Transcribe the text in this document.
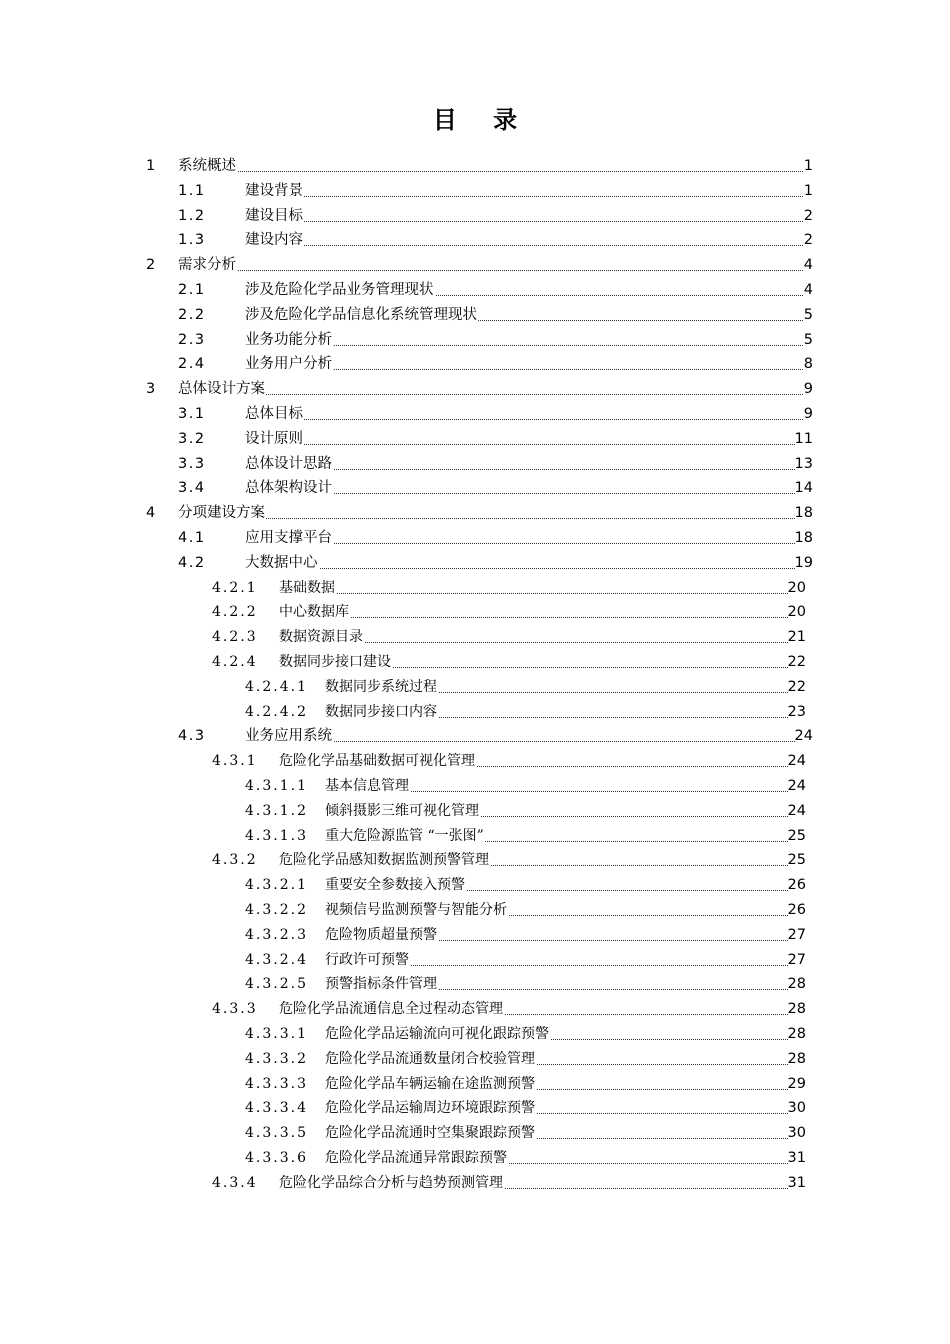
目 录
1 系统概述	1
1.1	建设背景	1
1.2	建设目标	2
1.3	建设内容	2
2 需求分析	4
2.1	涉及危险化学品业务管理现状	4
2.2	涉及危险化学品信息化系统管理现状	5
2.3	业务功能分析	5
2.4	业务用户分析	8
3 总体设计方案	9
3.1	总体目标	9
3.2	设计原则	11
3.3	总体设计思路	13
3.4	总体架构设计	14
4 分项建设方案	18
4.1	应用支撑平台	18
4.2	大数据中心	19
4.2.1 基础数据	20
4.2.2 中心数据库	20
4.2.3 数据资源目录	21
4.2.4 数据同步接口建设	22
4.2.4.1 数据同步系统过程	22
4.2.4.2 数据同步接口内容	23
4.3	业务应用系统	24
4.3.1 危险化学品基础数据可视化管理	24
4.3.1.1 基本信息管理	24
4.3.1.2 倾斜摄影三维可视化管理	24
4.3.1.3 重大危险源监管 “一张图”	25
4.3.2 危险化学品感知数据监测预警管理	25
4.3.2.1 重要安全参数接入预警	26
4.3.2.2 视频信号监测预警与智能分析	26
4.3.2.3 危险物质超量预警	27
4.3.2.4 行政许可预警	27
4.3.2.5 预警指标条件管理	28
4.3.3 危险化学品流通信息全过程动态管理	28
4.3.3.1 危险化学品运输流向可视化跟踪预警	28
4.3.3.2 危险化学品流通数量闭合校验管理	28
4.3.3.3 危险化学品车辆运输在途监测预警	29
4.3.3.4 危险化学品运输周边环境跟踪预警	30
4.3.3.5 危险化学品流通时空集聚跟踪预警	30
4.3.3.6 危险化学品流通异常跟踪预警	31
4.3.4 危险化学品综合分析与趋势预测管理	31
